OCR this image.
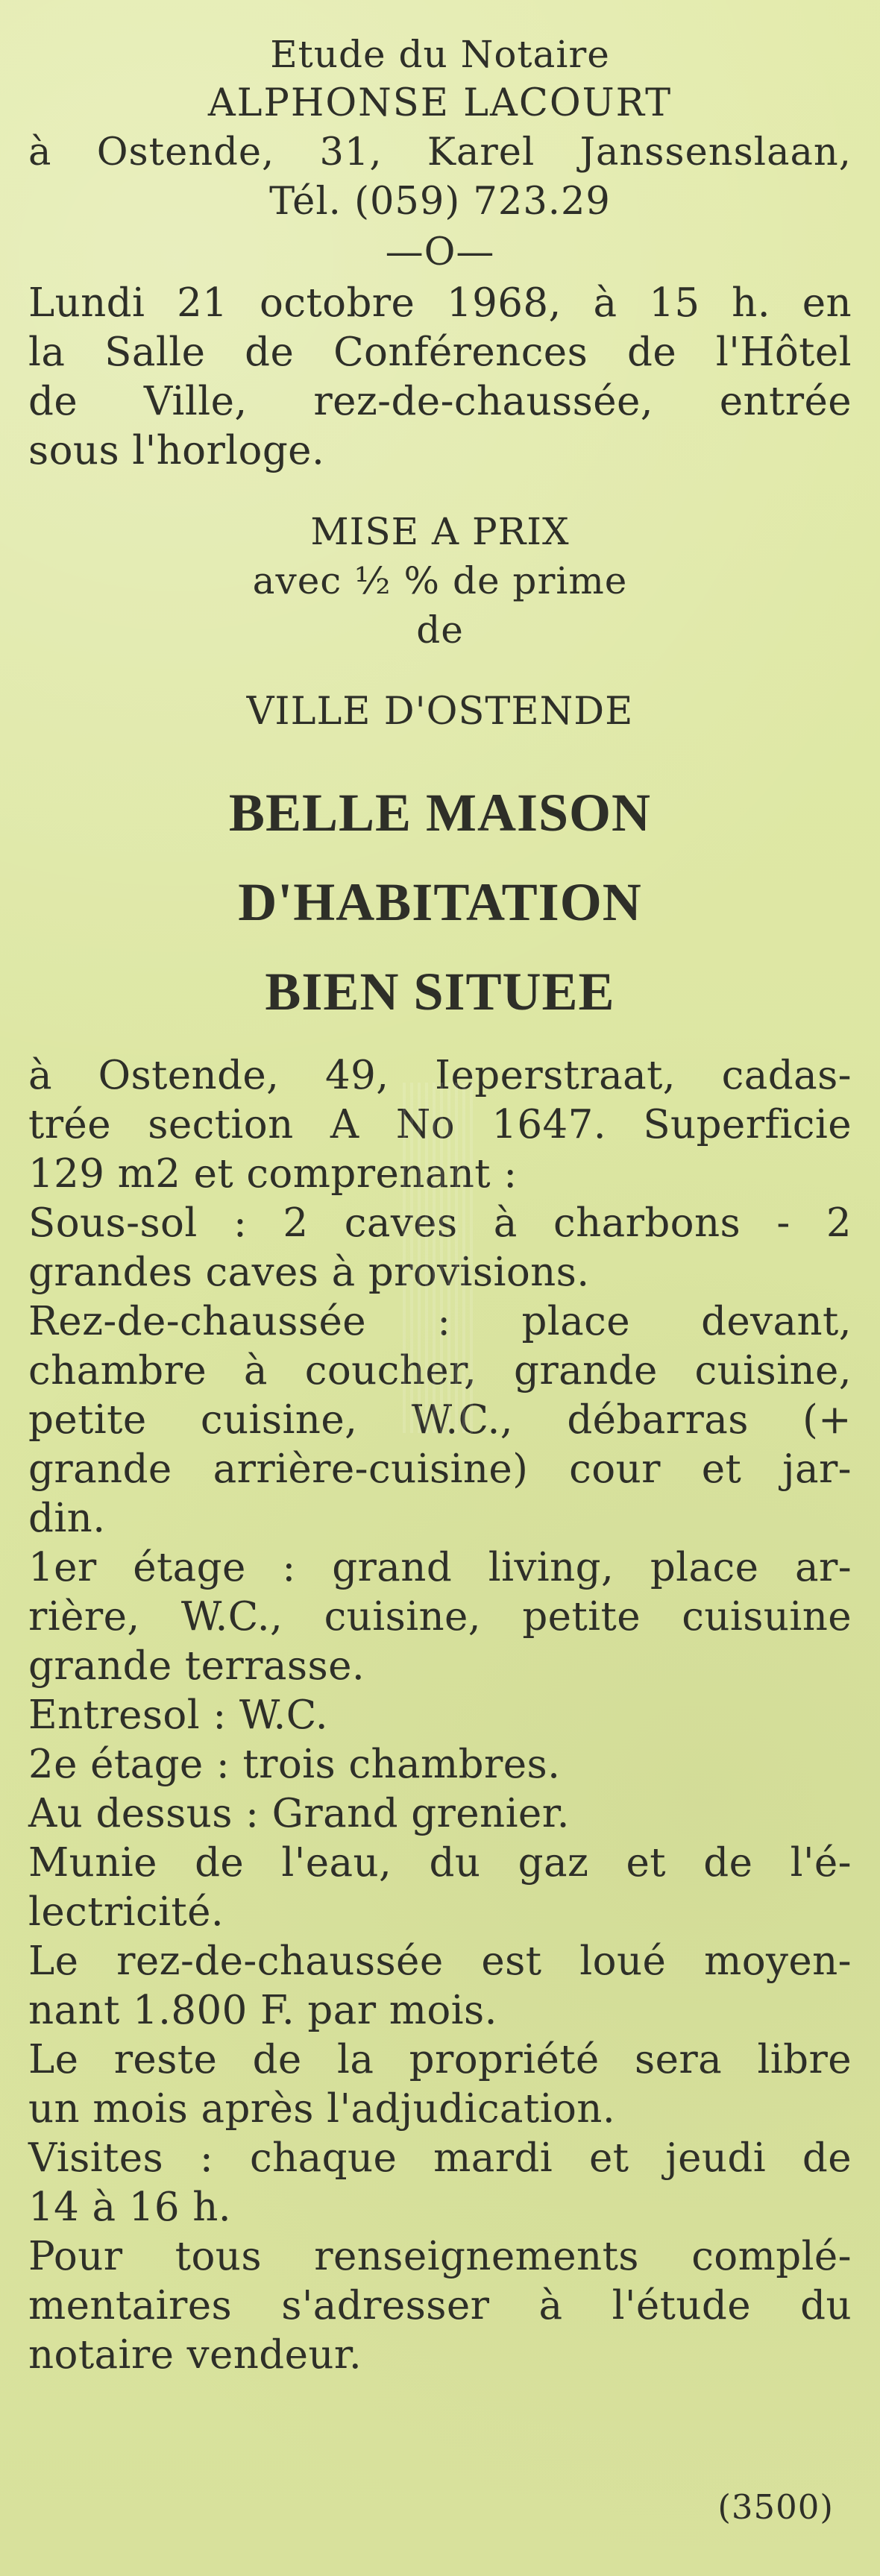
Etude du Notaire
ALPHONSE LACOURT
à Ostende, 31, Karel Janssenslaan,
Tél. (059) 723.29
—O—
Lundi 21 octobre 1968, à 15 h. en
la Salle de Conférences de l'Hôtel
de Ville, rez-de-chaussée, entrée
sous l'horloge.
MISE A PRIX
avec ½ % de prime
de
VILLE D'OSTENDE
BELLE MAISON
D'HABITATION
BIEN SITUEE
à Ostende, 49, Ieperstraat, cadas-
trée section A No 1647. Superficie
129 m2 et comprenant :
Sous-sol : 2 caves à charbons - 2
grandes caves à provisions.
Rez-de-chaussée : place devant,
chambre à coucher, grande cuisine,
petite cuisine, W.C., débarras (+
grande arrière-cuisine) cour et jar-
din.
1er étage : grand living, place ar-
rière, W.C., cuisine, petite cuisuine
grande terrasse.
Entresol : W.C.
2e étage : trois chambres.
Au dessus : Grand grenier.
Munie de l'eau, du gaz et de l'é-
lectricité.
Le rez-de-chaussée est loué moyen-
nant 1.800 F. par mois.
Le reste de la propriété sera libre
un mois après l'adjudication.
Visites : chaque mardi et jeudi de
14 à 16 h.
Pour tous renseignements complé-
mentaires s'adresser à l'étude du
notaire vendeur.
(3500)
